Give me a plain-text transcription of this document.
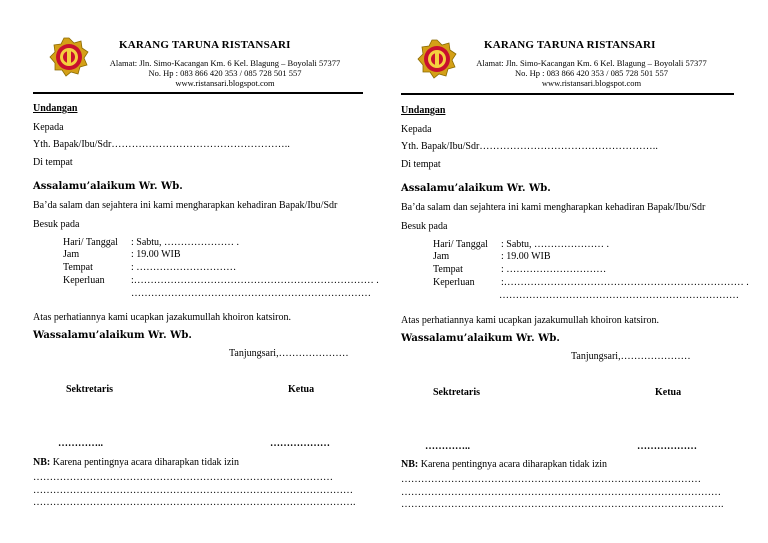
KARANG TARUNA RISTANSARI
Alamat: Jln. Simo-Kacangan Km. 6 Kel. Blagung – Boyolali 57377
No. Hp : 083 866 420 353 / 085 728 501 557
www.ristansari.blogspot.com
Undangan
Kepada
Yth. Bapak/Ibu/Sdr……………………………………………..
Di tempat
Assalamu’alaikum Wr. Wb.
Ba’da salam dan sejahtera ini kami mengharapkan kehadiran Bapak/Ibu/Sdr
Besuk pada
Hari/ Tanggal : Sabtu, ………………… .
Jam	: 19.00 WIB
Tempat	: …………………………
Keperluan	:……………………………………………………………… .
………………………………………………………………
Atas perhatiannya kami ucapkan jazakumullah khoiron katsiron.
Wassalamu’alaikum Wr. Wb.
Tanjungsari,…………………
Sektretaris	Ketua
…………..	………………
NB: Karena pentingnya acara diharapkan tidak izin
………………………………………………………………………………
……………………………………………………………………………………
…………………………………………………………………………………….
KARANG TARUNA RISTANSARI
Alamat: Jln. Simo-Kacangan Km. 6 Kel. Blagung – Boyolali 57377
No. Hp : 083 866 420 353 / 085 728 501 557
www.ristansari.blogspot.com
Undangan
Kepada
Yth. Bapak/Ibu/Sdr……………………………………………..
Di tempat
Assalamu’alaikum Wr. Wb.
Ba’da salam dan sejahtera ini kami mengharapkan kehadiran Bapak/Ibu/Sdr
Besuk pada
Hari/ Tanggal : Sabtu, ………………… .
Jam	: 19.00 WIB
Tempat	: …………………………
Keperluan	:……………………………………………………………… .
………………………………………………………………
Atas perhatiannya kami ucapkan jazakumullah khoiron katsiron.
Wassalamu’alaikum Wr. Wb.
Tanjungsari,…………………
Sektretaris	Ketua
…………..	………………
NB: Karena pentingnya acara diharapkan tidak izin
………………………………………………………………………………
……………………………………………………………………………………
…………………………………………………………………………………….
